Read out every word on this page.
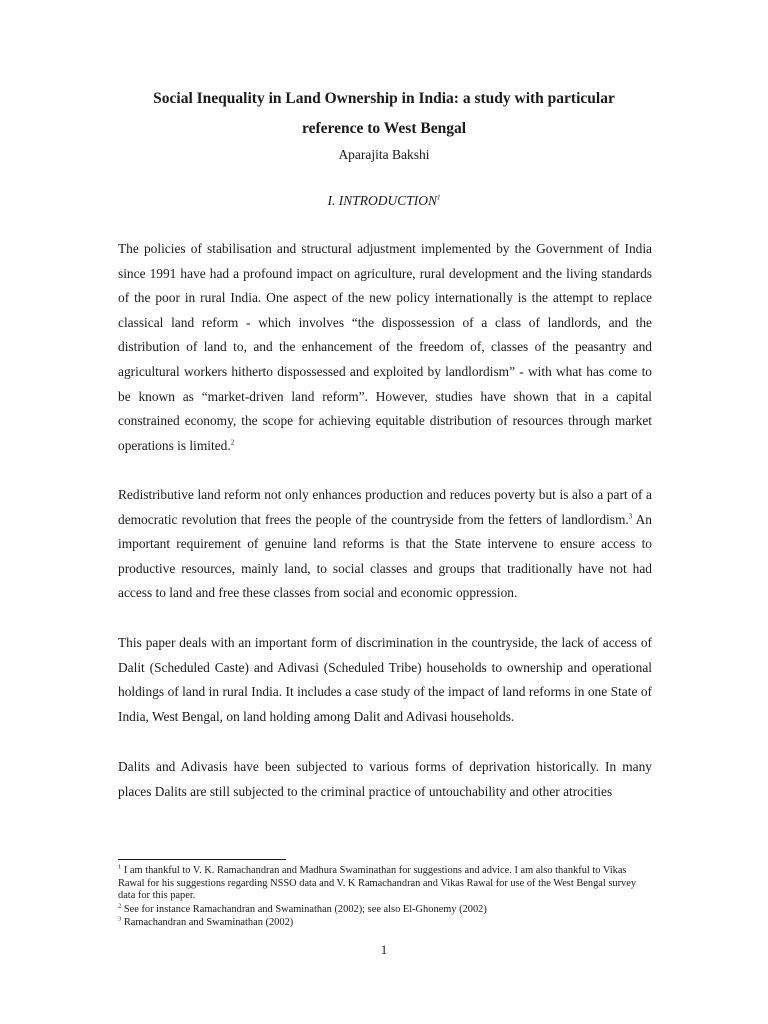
Social Inequality in Land Ownership in India: a study with particular
reference to West Bengal

Aparajita Bakshi

I. INTRODUCTION$^1$

The policies of stabilisation and structural adjustment implemented by the Government of India since 1991 have had a profound impact on agriculture, rural development and the living standards of the poor in rural India. One aspect of the new policy internationally is the attempt to replace classical land reform - which involves “the dispossession of a class of landlords, and the distribution of land to, and the enhancement of the freedom of, classes of the peasantry and agricultural workers hitherto dispossessed and exploited by landlordism” - with what has come to be known as “market-driven land reform”. However, studies have shown that in a capital constrained economy, the scope for achieving equitable distribution of resources through market operations is limited.$^2$

Redistributive land reform not only enhances production and reduces poverty but is also a part of a democratic revolution that frees the people of the countryside from the fetters of landlordism.$^3$ An important requirement of genuine land reforms is that the State intervene to ensure access to productive resources, mainly land, to social classes and groups that traditionally have not had access to land and free these classes from social and economic oppression.

This paper deals with an important form of discrimination in the countryside, the lack of access of Dalit (Scheduled Caste) and Adivasi (Scheduled Tribe) households to ownership and operational holdings of land in rural India. It includes a case study of the impact of land reforms in one State of India, West Bengal, on land holding among Dalit and Adivasi households.

Dalits and Adivasis have been subjected to various forms of deprivation historically. In many places Dalits are still subjected to the criminal practice of untouchability and other atrocities

$^1$ I am thankful to V. K. Ramachandran and Madhura Swaminathan for suggestions and advice. I am also thankful to Vikas Rawal for his suggestions regarding NSSO data and V. K Ramachandran and Vikas Rawal for use of the West Bengal survey data for this paper.

$^2$ See for instance Ramachandran and Swaminathan (2002); see also El-Ghonemy (2002)

$^3$ Ramachandran and Swaminathan (2002)

1
